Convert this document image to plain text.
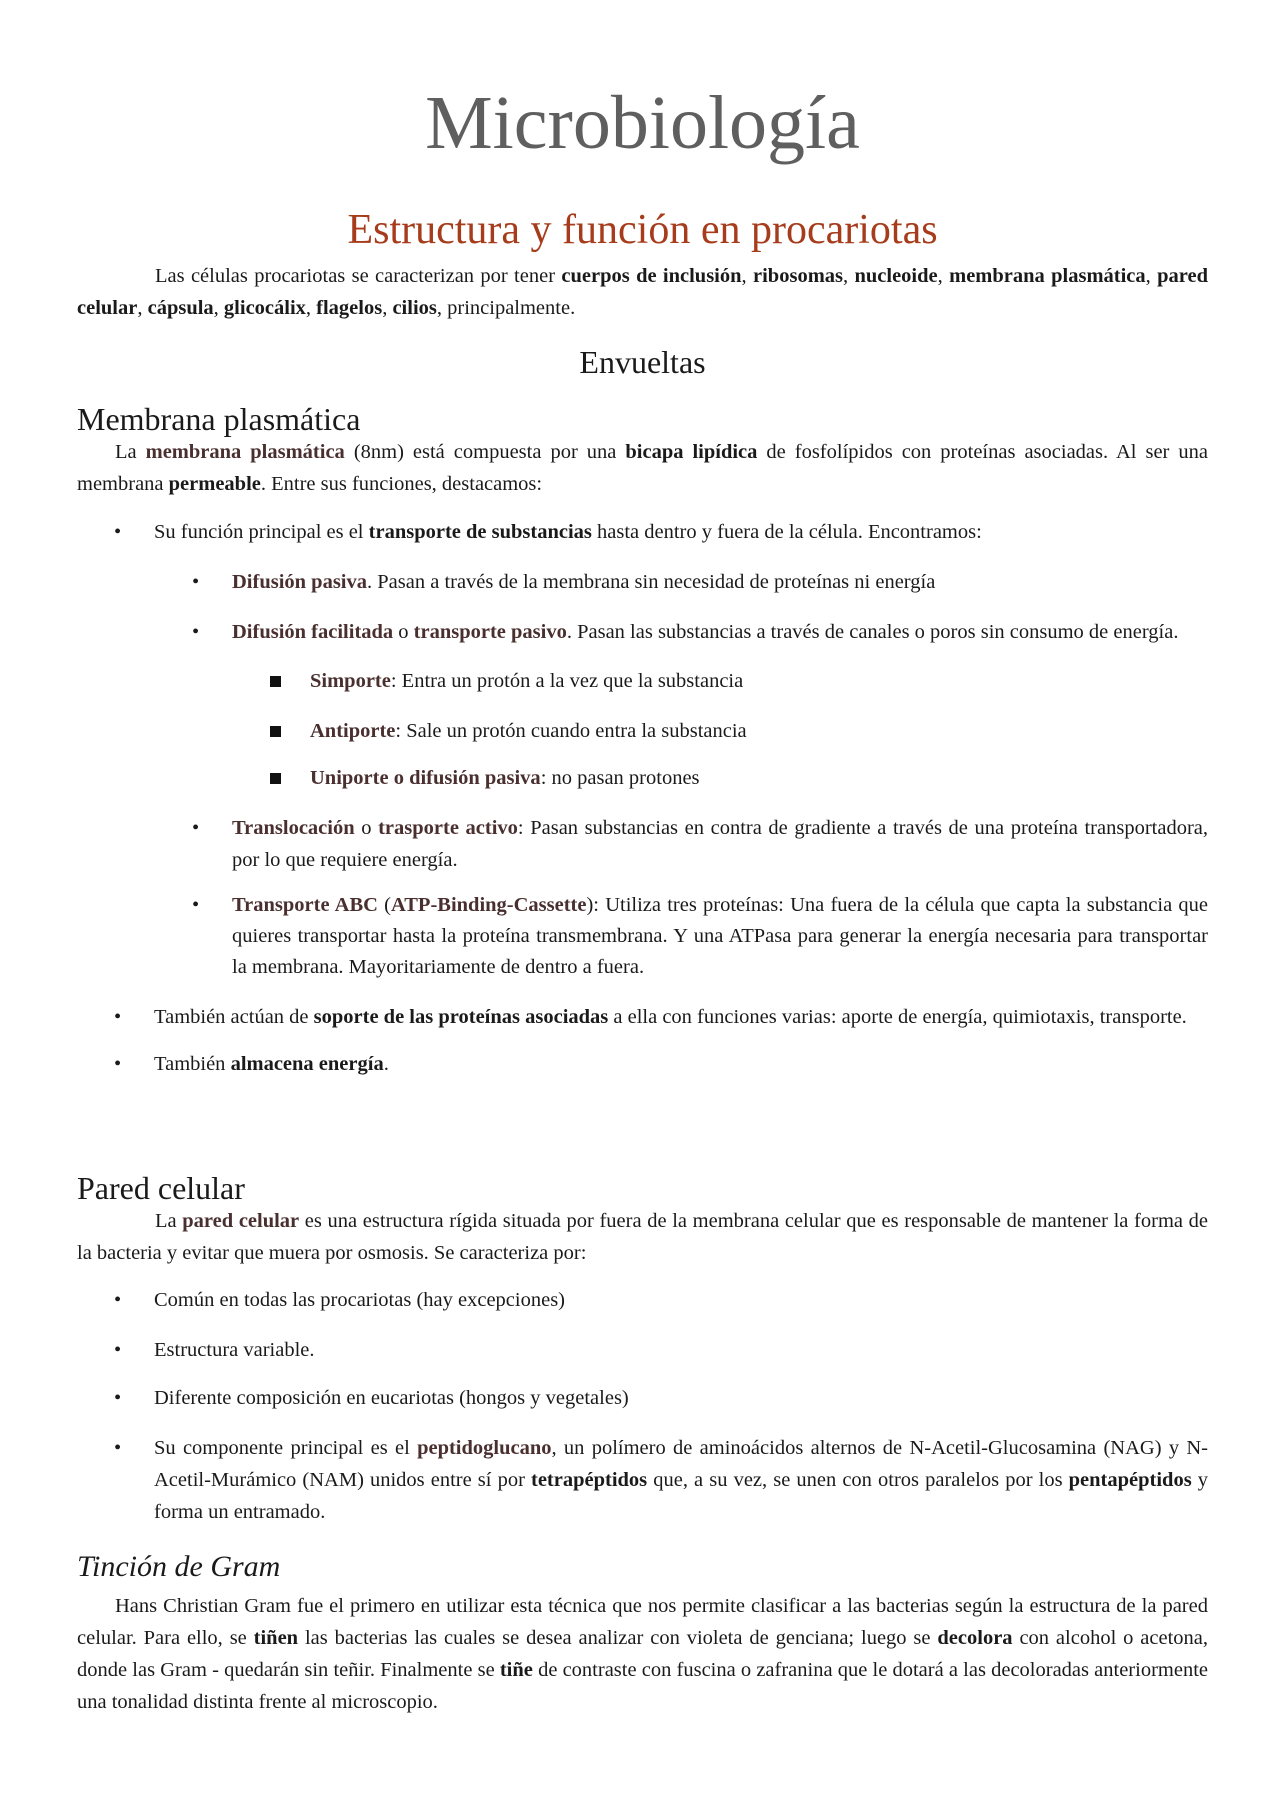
Microbiología
Estructura y función en procariotas

Las células procariotas se caracterizan por tener cuerpos de inclusión, ribosomas, nucleoide, membrana plasmática, pared celular, cápsula, glicocálix, flagelos, cilios, principalmente.

Envueltas
Membrana plasmática

La membrana plasmática (8nm) está compuesta por una bicapa lipídica de fosfolípidos con proteínas asociadas. Al ser una membrana permeable. Entre sus funciones, destacamos:

• Su función principal es el transporte de substancias hasta dentro y fuera de la célula. Encontramos:
• Difusión pasiva. Pasan a través de la membrana sin necesidad de proteínas ni energía
• Difusión facilitada o transporte pasivo. Pasan las substancias a través de canales o poros sin consumo de energía.
Simporte: Entra un protón a la vez que la substancia
Antiporte: Sale un protón cuando entra la substancia
Uniporte o difusión pasiva: no pasan protones
• Translocación o trasporte activo: Pasan substancias en contra de gradiente a través de una proteína transportadora, por lo que requiere energía.
• Transporte ABC (ATP-Binding-Cassette): Utiliza tres proteínas: Una fuera de la célula que capta la substancia que quieres transportar hasta la proteína transmembrana. Y una ATPasa para generar la energía necesaria para transportar la membrana. Mayoritariamente de dentro a fuera.
• También actúan de soporte de las proteínas asociadas a ella con funciones varias: aporte de energía, quimiotaxis, transporte.
• También almacena energía.
Pared celular

La pared celular es una estructura rígida situada por fuera de la membrana celular que es responsable de mantener la forma de la bacteria y evitar que muera por osmosis. Se caracteriza por:

• Común en todas las procariotas (hay excepciones)
• Estructura variable.
• Diferente composición en eucariotas (hongos y vegetales)
• Su componente principal es el peptidoglucano, un polímero de aminoácidos alternos de N-Acetil-Glucosamina (NAG) y N-Acetil-Murámico (NAM) unidos entre sí por tetrapéptidos que, a su vez, se unen con otros paralelos por los pentapéptidos y forma un entramado.
Tinción de Gram

Hans Christian Gram fue el primero en utilizar esta técnica que nos permite clasificar a las bacterias según la estructura de la pared celular. Para ello, se tiñen las bacterias las cuales se desea analizar con violeta de genciana; luego se decolora con alcohol o acetona, donde las Gram - quedarán sin teñir. Finalmente se tiñe de contraste con fuscina o zafranina que le dotará a las decoloradas anteriormente una tonalidad distinta frente al microscopio.
